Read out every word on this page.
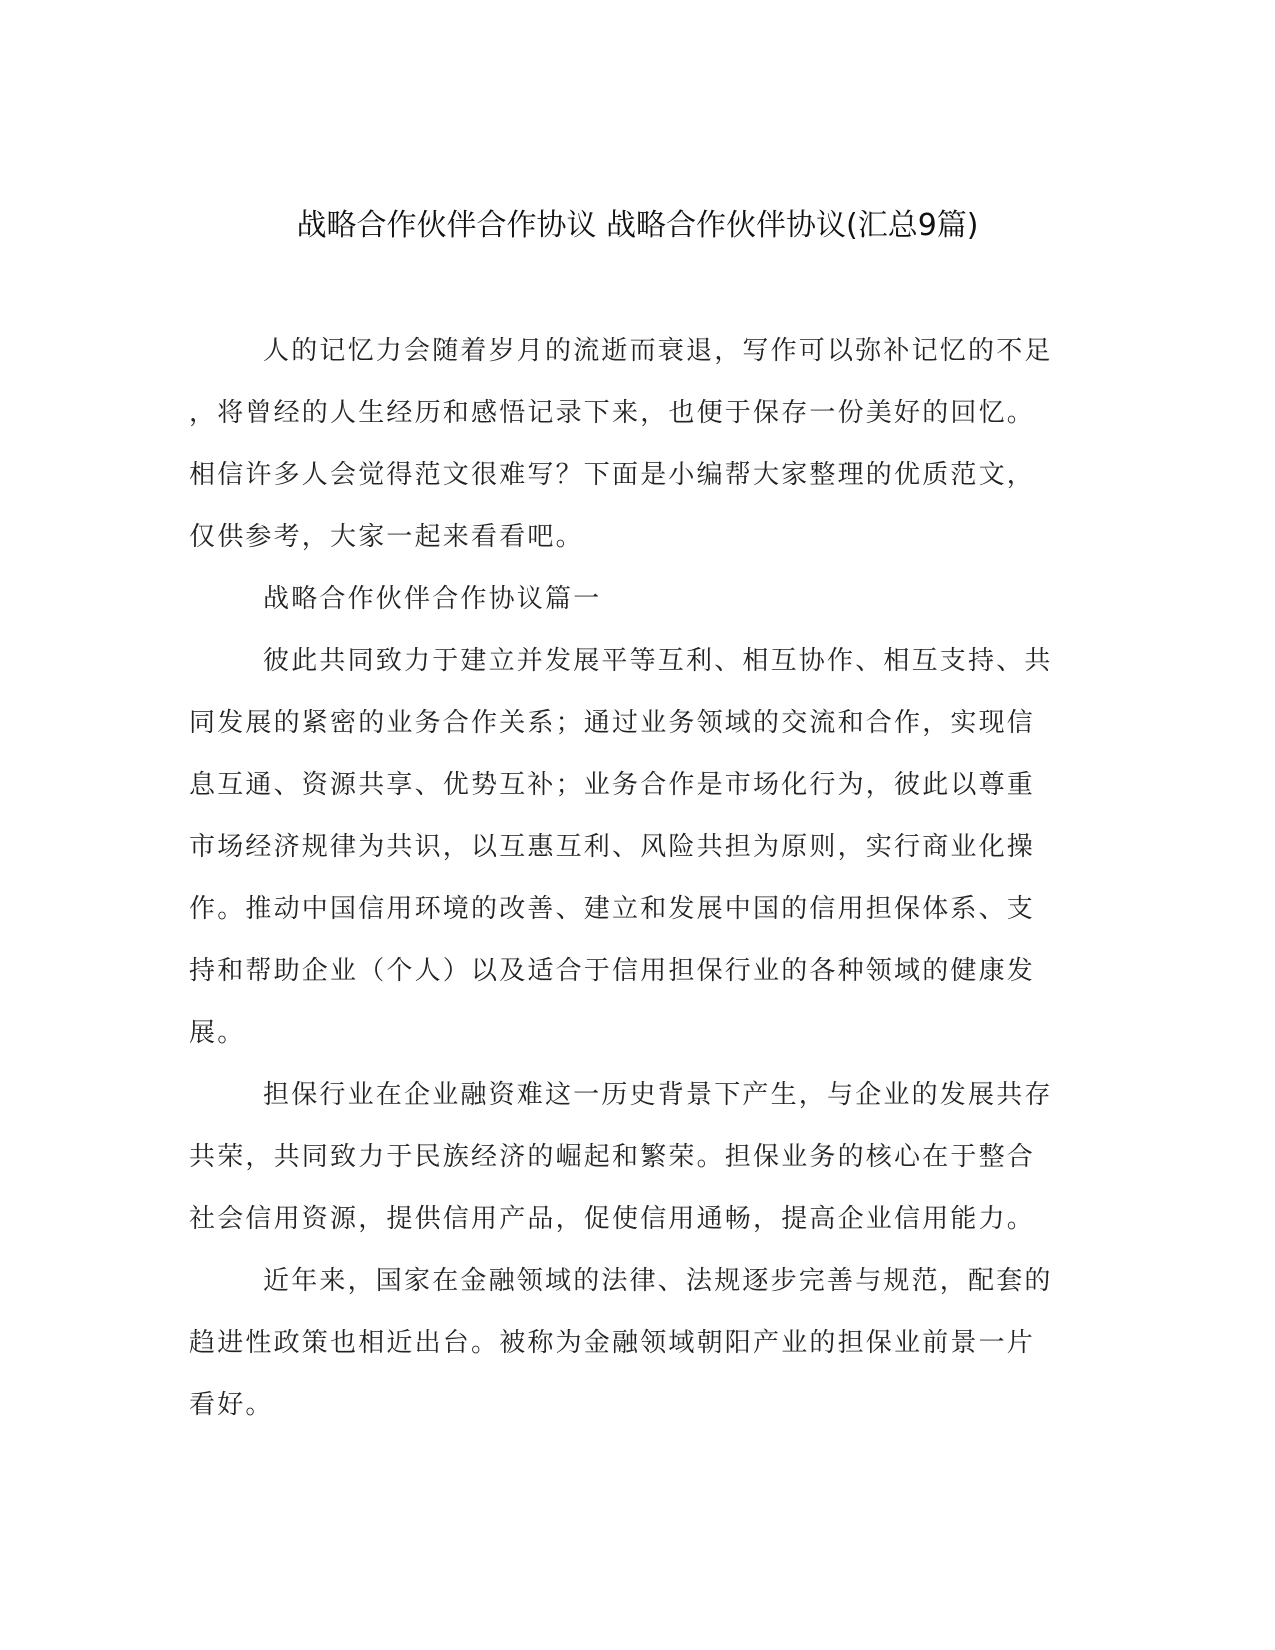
战略合作伙伴合作协议 战略合作伙伴协议(汇总9篇)
人的记忆力会随着岁月的流逝而衰退，写作可以弥补记忆的不足
，将曾经的人生经历和感悟记录下来，也便于保存一份美好的回忆。
相信许多人会觉得范文很难写？下面是小编帮大家整理的优质范文，
仅供参考，大家一起来看看吧。
战略合作伙伴合作协议篇一
彼此共同致力于建立并发展平等互利、相互协作、相互支持、共
同发展的紧密的业务合作关系；通过业务领域的交流和合作，实现信
息互通、资源共享、优势互补；业务合作是市场化行为，彼此以尊重
市场经济规律为共识，以互惠互利、风险共担为原则，实行商业化操
作。推动中国信用环境的改善、建立和发展中国的信用担保体系、支
持和帮助企业（个人）以及适合于信用担保行业的各种领域的健康发
展。
担保行业在企业融资难这一历史背景下产生，与企业的发展共存
共荣，共同致力于民族经济的崛起和繁荣。担保业务的核心在于整合
社会信用资源，提供信用产品，促使信用通畅，提高企业信用能力。
近年来，国家在金融领域的法律、法规逐步完善与规范，配套的
趋进性政策也相近出台。被称为金融领域朝阳产业的担保业前景一片
看好。
